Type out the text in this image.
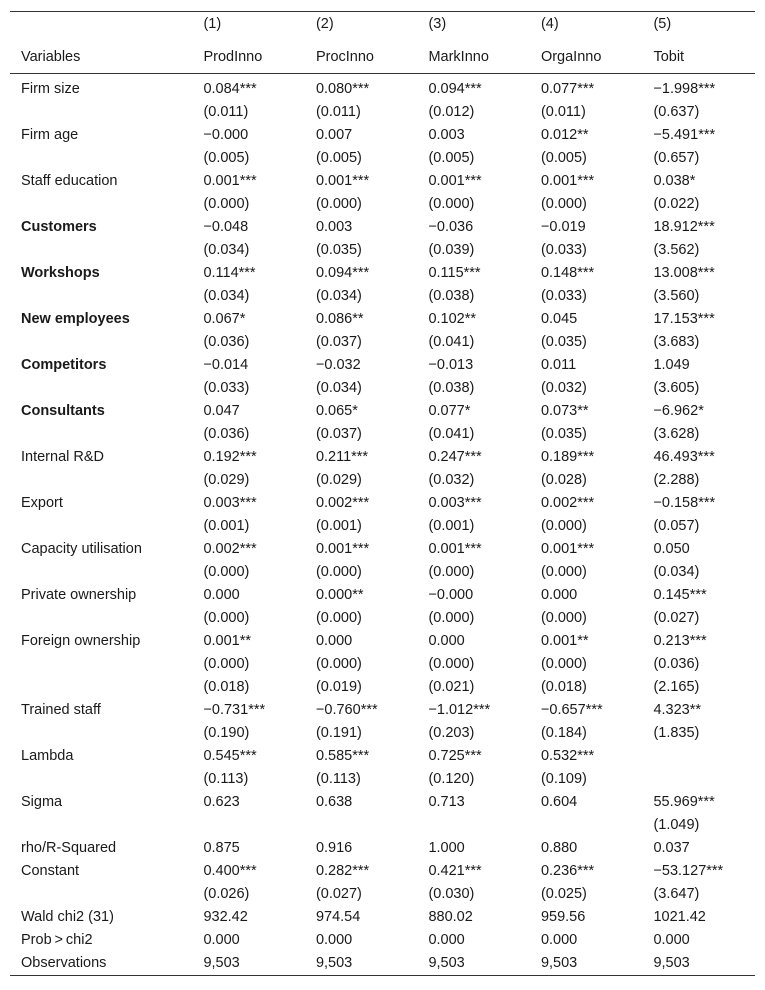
	(1)	(2)	(3)	(4)	(5)
Variables	ProdInno	ProcInno	MarkInno	OrgaInno	Tobit
Firm size	0.084***	0.080***	0.094***	0.077***	−1.998***
	(0.011)	(0.011)	(0.012)	(0.011)	(0.637)
Firm age	−0.000	0.007	0.003	0.012**	−5.491***
	(0.005)	(0.005)	(0.005)	(0.005)	(0.657)
Staff education	0.001***	0.001***	0.001***	0.001***	0.038*
	(0.000)	(0.000)	(0.000)	(0.000)	(0.022)
Customers	−0.048	0.003	−0.036	−0.019	18.912***
	(0.034)	(0.035)	(0.039)	(0.033)	(3.562)
Workshops	0.114***	0.094***	0.115***	0.148***	13.008***
	(0.034)	(0.034)	(0.038)	(0.033)	(3.560)
New employees	0.067*	0.086**	0.102**	0.045	17.153***
	(0.036)	(0.037)	(0.041)	(0.035)	(3.683)
Competitors	−0.014	−0.032	−0.013	0.011	1.049
	(0.033)	(0.034)	(0.038)	(0.032)	(3.605)
Consultants	0.047	0.065*	0.077*	0.073**	−6.962*
	(0.036)	(0.037)	(0.041)	(0.035)	(3.628)
Internal R&D	0.192***	0.211***	0.247***	0.189***	46.493***
	(0.029)	(0.029)	(0.032)	(0.028)	(2.288)
Export	0.003***	0.002***	0.003***	0.002***	−0.158***
	(0.001)	(0.001)	(0.001)	(0.000)	(0.057)
Capacity utilisation	0.002***	0.001***	0.001***	0.001***	0.050
	(0.000)	(0.000)	(0.000)	(0.000)	(0.034)
Private ownership	0.000	0.000**	−0.000	0.000	0.145***
	(0.000)	(0.000)	(0.000)	(0.000)	(0.027)
Foreign ownership	0.001**	0.000	0.000	0.001**	0.213***
	(0.000)	(0.000)	(0.000)	(0.000)	(0.036)
	(0.018)	(0.019)	(0.021)	(0.018)	(2.165)
Trained staff	−0.731***	−0.760***	−1.012***	−0.657***	4.323**
	(0.190)	(0.191)	(0.203)	(0.184)	(1.835)
Lambda	0.545***	0.585***	0.725***	0.532***	
	(0.113)	(0.113)	(0.120)	(0.109)	
Sigma	0.623	0.638	0.713	0.604	55.969***
					(1.049)
rho/R-Squared	0.875	0.916	1.000	0.880	0.037
Constant	0.400***	0.282***	0.421***	0.236***	−53.127***
	(0.026)	(0.027)	(0.030)	(0.025)	(3.647)
Wald chi2 (31)	932.42	974.54	880.02	959.56	1021.42
Prob > chi2	0.000	0.000	0.000	0.000	0.000
Observations	9,503	9,503	9,503	9,503	9,503
